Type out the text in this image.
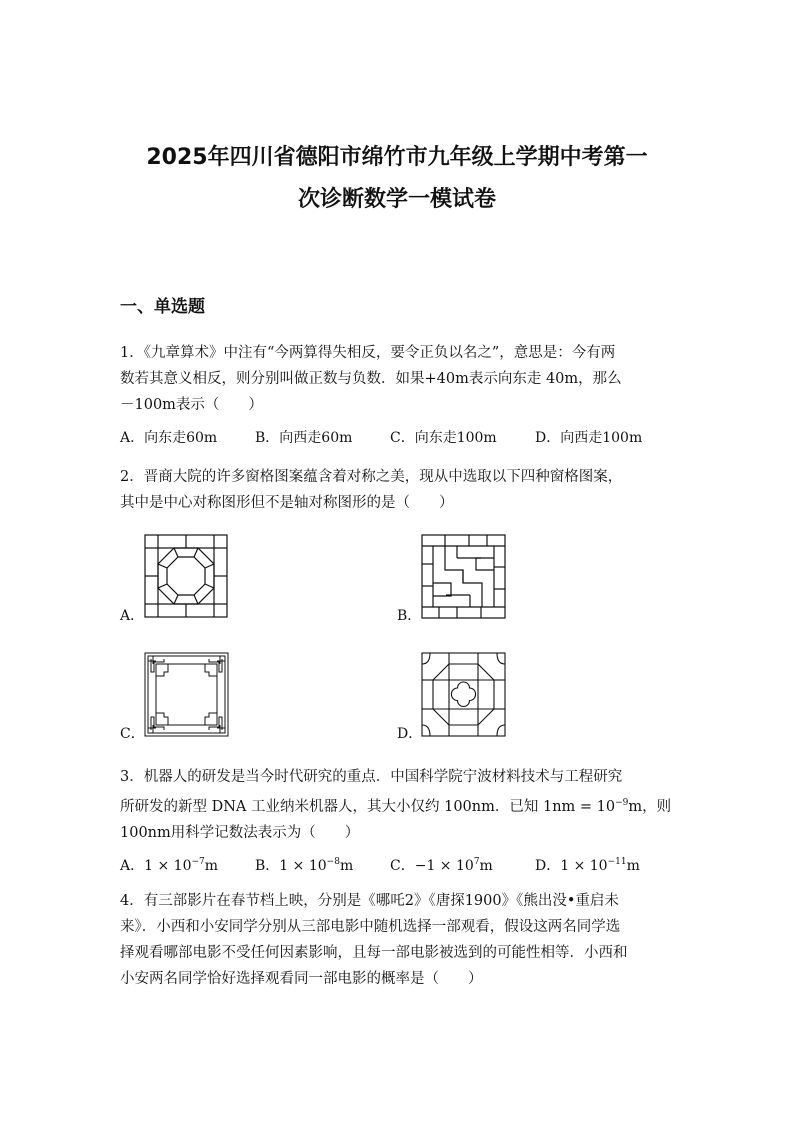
2025年四川省德阳市绵竹市九年级上学期中考第一
次诊断数学一模试卷
一、单选题
1．《九章算术》中注有“今两算得失相反，要令正负以名之”，意思是：今有两
数若其意义相反，则分别叫做正数与负数．如果+40m表示向东走 40m，那么
－100m表示（　　）
A．向东走60m	B．向西走60m	C．向东走100m	D．向西走100m
2．晋商大院的许多窗格图案蕴含着对称之美，现从中选取以下四种窗格图案，
其中是中心对称图形但不是轴对称图形的是（　　）
A．	B．
C．	D．
3．机器人的研发是当今时代研究的重点．中国科学院宁波材料技术与工程研究
所研发的新型 DNA 工业纳米机器人，其大小仅约 100nm．已知 $1nm = 10^{-9}m$，则
100nm用科学记数法表示为（　　）
A．$1 \times 10^{-7}m$	B．$1 \times 10^{-8}m$	C．$-1 \times 10^7m$	D．$1 \times 10^{-11}m$
4．有三部影片在春节档上映，分别是《哪吒2》《唐探1900》《熊出没•重启未
来》．小西和小安同学分别从三部电影中随机选择一部观看，假设这两名同学选
择观看哪部电影不受任何因素影响，且每一部电影被选到的可能性相等．小西和
小安两名同学恰好选择观看同一部电影的概率是（　　）
